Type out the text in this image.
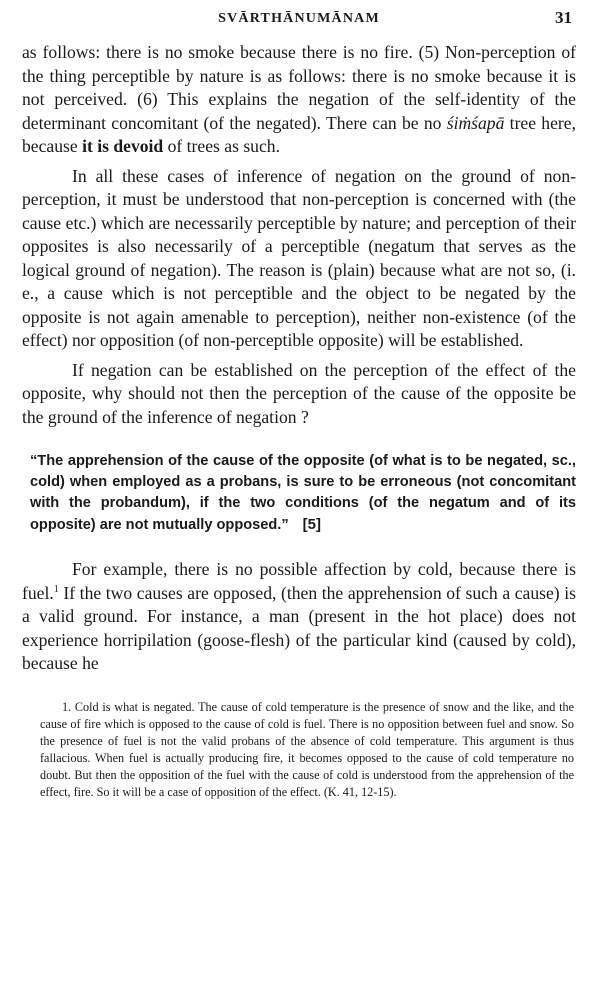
SVĀRTHĀNUMĀNAM	31

as follows: there is no smoke because there is no fire. (5) Non-perception of the thing perceptible by nature is as follows: there is no smoke because it is not perceived. (6) This explains the negation of the self-identity of the determinant concomitant (of the negated). There can be no śiṁśapā tree here, because it is devoid of trees as such.

In all these cases of inference of negation on the ground of non-perception, it must be understood that non-perception is concerned with (the cause etc.) which are necessarily perceptible by nature; and perception of their opposites is also necessarily of a perceptible (negatum that serves as the logical ground of negation). The reason is (plain) because what are not so, (i. e., a cause which is not perceptible and the object to be negated by the opposite is not again amenable to perception), neither non-existence (of the effect) nor opposition (of non-perceptible opposite) will be established.

If negation can be established on the perception of the effect of the opposite, why should not then the perception of the cause of the opposite be the ground of the inference of negation ?

“The apprehension of the cause of the opposite (of what is to be negated, sc., cold) when employed as a probans, is sure to be erroneous (not concomitant with the probandum), if the two conditions (of the negatum and of its opposite) are not mutually opposed.” [5]

For example, there is no possible affection by cold, because there is fuel.$^1$ If the two causes are opposed, (then the apprehension of such a cause) is a valid ground. For instance, a man (present in the hot place) does not experience horripilation (goose-flesh) of the particular kind (caused by cold), because he

1. Cold is what is negated. The cause of cold temperature is the presence of snow and the like, and the cause of fire which is opposed to the cause of cold is fuel. There is no opposition between fuel and snow. So the presence of fuel is not the valid probans of the absence of cold temperature. This argument is thus fallacious. When fuel is actually producing fire, it becomes opposed to the cause of cold temperature no doubt. But then the opposition of the fuel with the cause of cold is understood from the apprehension of the effect, fire. So it will be a case of opposition of the effect. (K. 41, 12-15).
